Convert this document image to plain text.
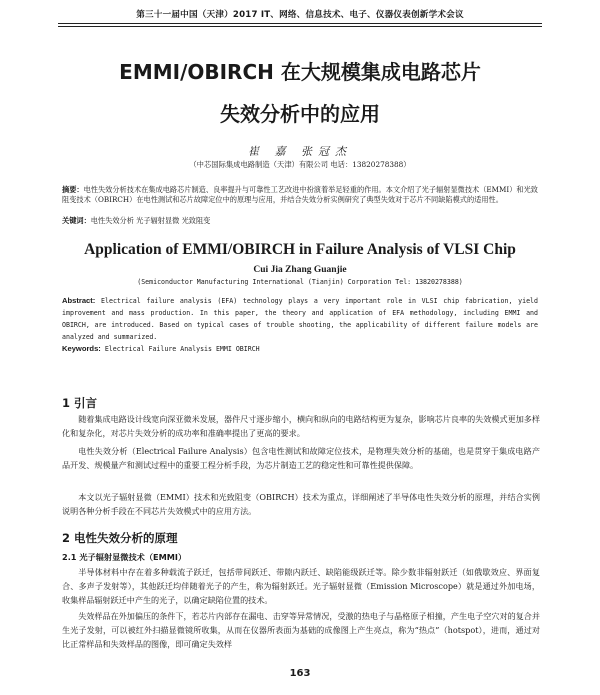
第三十一届中国（天津）2017 IT、网络、信息技术、电子、仪器仪表创新学术会议
EMMI/OBIRCH 在大规模集成电路芯片
失效分析中的应用
崔 嘉 张冠杰
（中芯国际集成电路制造（天津）有限公司 电话：13820278388）
摘要：电性失效分析技术在集成电路芯片制造、良率提升与可靠性工艺改进中扮演着举足轻重的作用。本文介绍了光子辐射显微技术（EMMI）和光致阻变技术（OBIRCH）在电性测试和芯片故障定位中的原理与应用，并结合失效分析实例研究了典型失效对于芯片不同缺陷模式的适用性。
关键词：电性失效分析 光子辐射显微 光致阻变
Application of EMMI/OBIRCH in Failure Analysis of VLSI Chip
Cui Jia Zhang Guanjie
(Semiconductor Manufacturing International (Tianjin) Corporation Tel: 13820278388)
Abstract: Electrical failure analysis (EFA) technology plays a very important role in VLSI chip fabrication, yield improvement and mass production. In this paper, the theory and application of EFA methodology, including EMMI and OBIRCH, are introduced. Based on typical cases of trouble shooting, the applicability of different failure models are analyzed and summarized.
Keywords: Electrical Failure Analysis EMMI OBIRCH
1 引言
随着集成电路设计线宽向深亚微米发展，器件尺寸逐步缩小，横向和纵向的电路结构更为复杂，影响芯片良率的失效模式更加多样化和复杂化，对芯片失效分析的成功率和准确率提出了更高的要求。
电性失效分析（Electrical Failure Analysis）包含电性测试和故障定位技术，是物理失效分析的基础，也是贯穿于集成电路产品开发、规模量产和测试过程中的重要工程分析手段，为芯片制造工艺的稳定性和可靠性提供保障。
本文以光子辐射显微（EMMI）技术和光致阻变（OBIRCH）技术为重点，详细阐述了半导体电性失效分析的原理，并结合实例说明各种分析手段在不同芯片失效模式中的应用方法。
2 电性失效分析的原理
2.1 光子辐射显微技术（EMMI）
半导体材料中存在着多种载流子跃迁，包括带间跃迁、带隙内跃迁、缺陷能级跃迁等。除少数非辐射跃迁（如俄歇效应、界面复合、多声子发射等），其他跃迁均伴随着光子的产生，称为辐射跃迁。光子辐射显微（Emission Microscope）就是通过外加电场，收集样品辐射跃迁中产生的光子，以确定缺陷位置的技术。
失效样品在外加偏压的条件下，若芯片内部存在漏电、击穿等异常情况，受激的热电子与晶格原子相撞，产生电子空穴对的复合并生光子发射，可以被红外扫描显微镜所收集，从而在仪器所表面为基础的成像图上产生亮点，称为“热点”（hotspot），进而，通过对比正常样品和失效样品的图像，即可确定失效样
163
